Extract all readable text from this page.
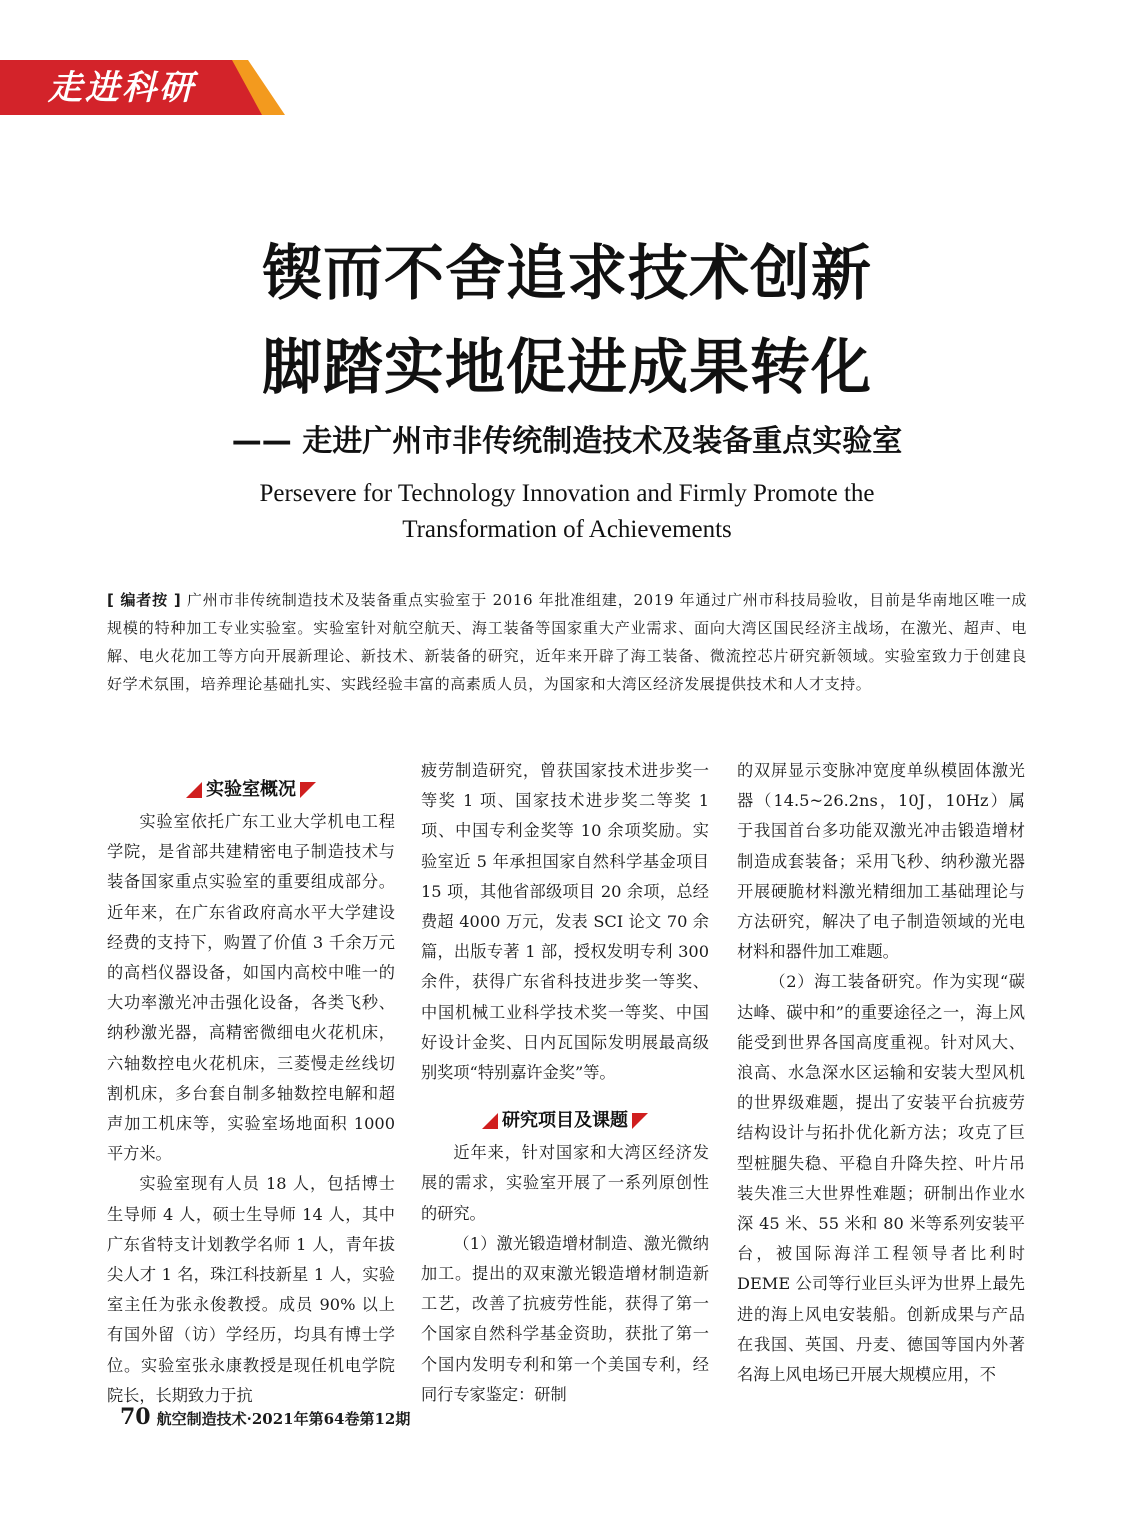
走进科研
锲而不舍追求技术创新
脚踏实地促进成果转化
—— 走进广州市非传统制造技术及装备重点实验室
Persevere for Technology Innovation and Firmly Promote the
Transformation of Achievements
[ 编者按 ] 广州市非传统制造技术及装备重点实验室于 2016 年批准组建，2019 年通过广州市科技局验收，目前是华南地区唯一成规模的特种加工专业实验室。实验室针对航空航天、海工装备等国家重大产业需求、面向大湾区国民经济主战场，在激光、超声、电解、电火花加工等方向开展新理论、新技术、新装备的研究，近年来开辟了海工装备、微流控芯片研究新领域。实验室致力于创建良好学术氛围，培养理论基础扎实、实践经验丰富的高素质人员，为国家和大湾区经济发展提供技术和人才支持。
实验室概况

实验室依托广东工业大学机电工程学院，是省部共建精密电子制造技术与装备国家重点实验室的重要组成部分。近年来，在广东省政府高水平大学建设经费的支持下，购置了价值 3 千余万元的高档仪器设备，如国内高校中唯一的大功率激光冲击强化设备，各类飞秒、纳秒激光器，高精密微细电火花机床，六轴数控电火花机床，三菱慢走丝线切割机床，多台套自制多轴数控电解和超声加工机床等，实验室场地面积 1000 平方米。

实验室现有人员 18 人，包括博士生导师 4 人，硕士生导师 14 人，其中广东省特支计划教学名师 1 人，青年拔尖人才 1 名，珠江科技新星 1 人，实验室主任为张永俊教授。成员 90% 以上有国外留（访）学经历，均具有博士学位。实验室张永康教授是现任机电学院院长，长期致力于抗

疲劳制造研究，曾获国家技术进步奖一等奖 1 项、国家技术进步奖二等奖 1 项、中国专利金奖等 10 余项奖励。实验室近 5 年承担国家自然科学基金项目 15 项，其他省部级项目 20 余项，总经费超 4000 万元，发表 SCI 论文 70 余篇，出版专著 1 部，授权发明专利 300 余件，获得广东省科技进步奖一等奖、中国机械工业科学技术奖一等奖、中国好设计金奖、日内瓦国际发明展最高级别奖项“特别嘉许金奖”等。

研究项目及课题

近年来，针对国家和大湾区经济发展的需求，实验室开展了一系列原创性的研究。

（1）激光锻造增材制造、激光微纳加工。提出的双束激光锻造增材制造新工艺，改善了抗疲劳性能，获得了第一个国家自然科学基金资助，获批了第一个国内发明专利和第一个美国专利，经同行专家鉴定：研制

的双屏显示变脉冲宽度单纵模固体激光器（14.5~26.2ns，10J，10Hz）属于我国首台多功能双激光冲击锻造增材制造成套装备；采用飞秒、纳秒激光器开展硬脆材料激光精细加工基础理论与方法研究，解决了电子制造领域的光电材料和器件加工难题。

（2）海工装备研究。作为实现“碳达峰、碳中和”的重要途径之一，海上风能受到世界各国高度重视。针对风大、浪高、水急深水区运输和安装大型风机的世界级难题，提出了安装平台抗疲劳结构设计与拓扑优化新方法；攻克了巨型桩腿失稳、平稳自升降失控、叶片吊装失准三大世界性难题；研制出作业水深 45 米、55 米和 80 米等系列安装平台，被国际海洋工程领导者比利时 DEME 公司等行业巨头评为世界上最先进的海上风电安装船。创新成果与产品在我国、英国、丹麦、德国等国内外著名海上风电场已开展大规模应用，不

70 航空制造技术·2021年第64卷第12期
